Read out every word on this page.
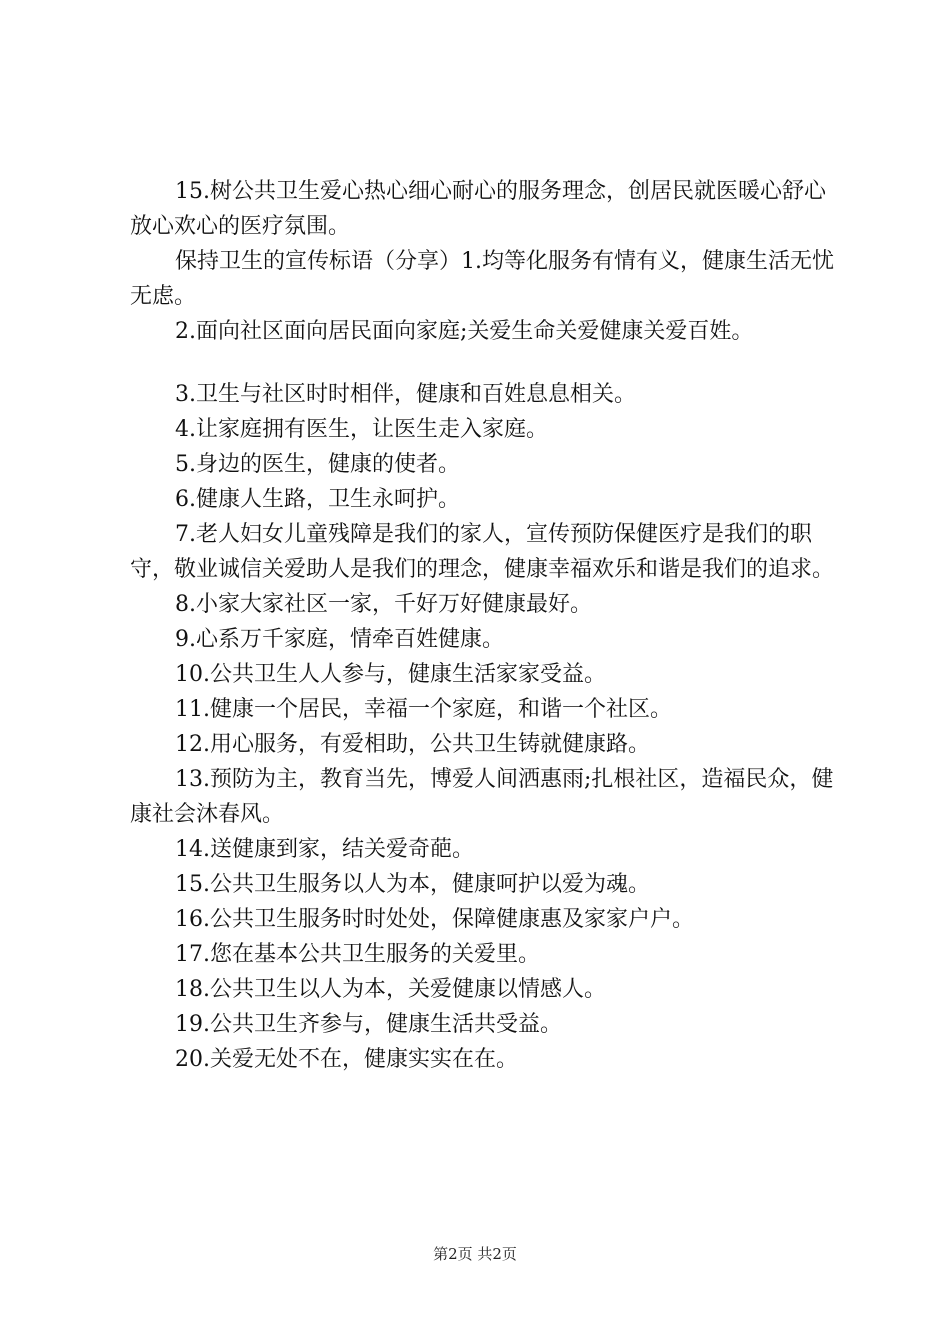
15.树公共卫生爱心热心细心耐心的服务理念，创居民就医暖心舒心放心欢心的医疗氛围。

保持卫生的宣传标语（分享）1.均等化服务有情有义，健康生活无忧无虑。

2.面向社区面向居民面向家庭;关爱生命关爱健康关爱百姓。

3.卫生与社区时时相伴，健康和百姓息息相关。

4.让家庭拥有医生，让医生走入家庭。

5.身边的医生，健康的使者。

6.健康人生路，卫生永呵护。

7.老人妇女儿童残障是我们的家人，宣传预防保健医疗是我们的职守，敬业诚信关爱助人是我们的理念，健康幸福欢乐和谐是我们的追求。

8.小家大家社区一家，千好万好健康最好。

9.心系万千家庭，情牵百姓健康。

10.公共卫生人人参与，健康生活家家受益。

11.健康一个居民，幸福一个家庭，和谐一个社区。

12.用心服务，有爱相助，公共卫生铸就健康路。

13.预防为主，教育当先，博爱人间洒惠雨;扎根社区，造福民众，健康社会沐春风。

14.送健康到家，结关爱奇葩。

15.公共卫生服务以人为本，健康呵护以爱为魂。

16.公共卫生服务时时处处，保障健康惠及家家户户。

17.您在基本公共卫生服务的关爱里。

18.公共卫生以人为本，关爱健康以情感人。

19.公共卫生齐参与，健康生活共受益。

20.关爱无处不在，健康实实在在。

第2页 共2页
